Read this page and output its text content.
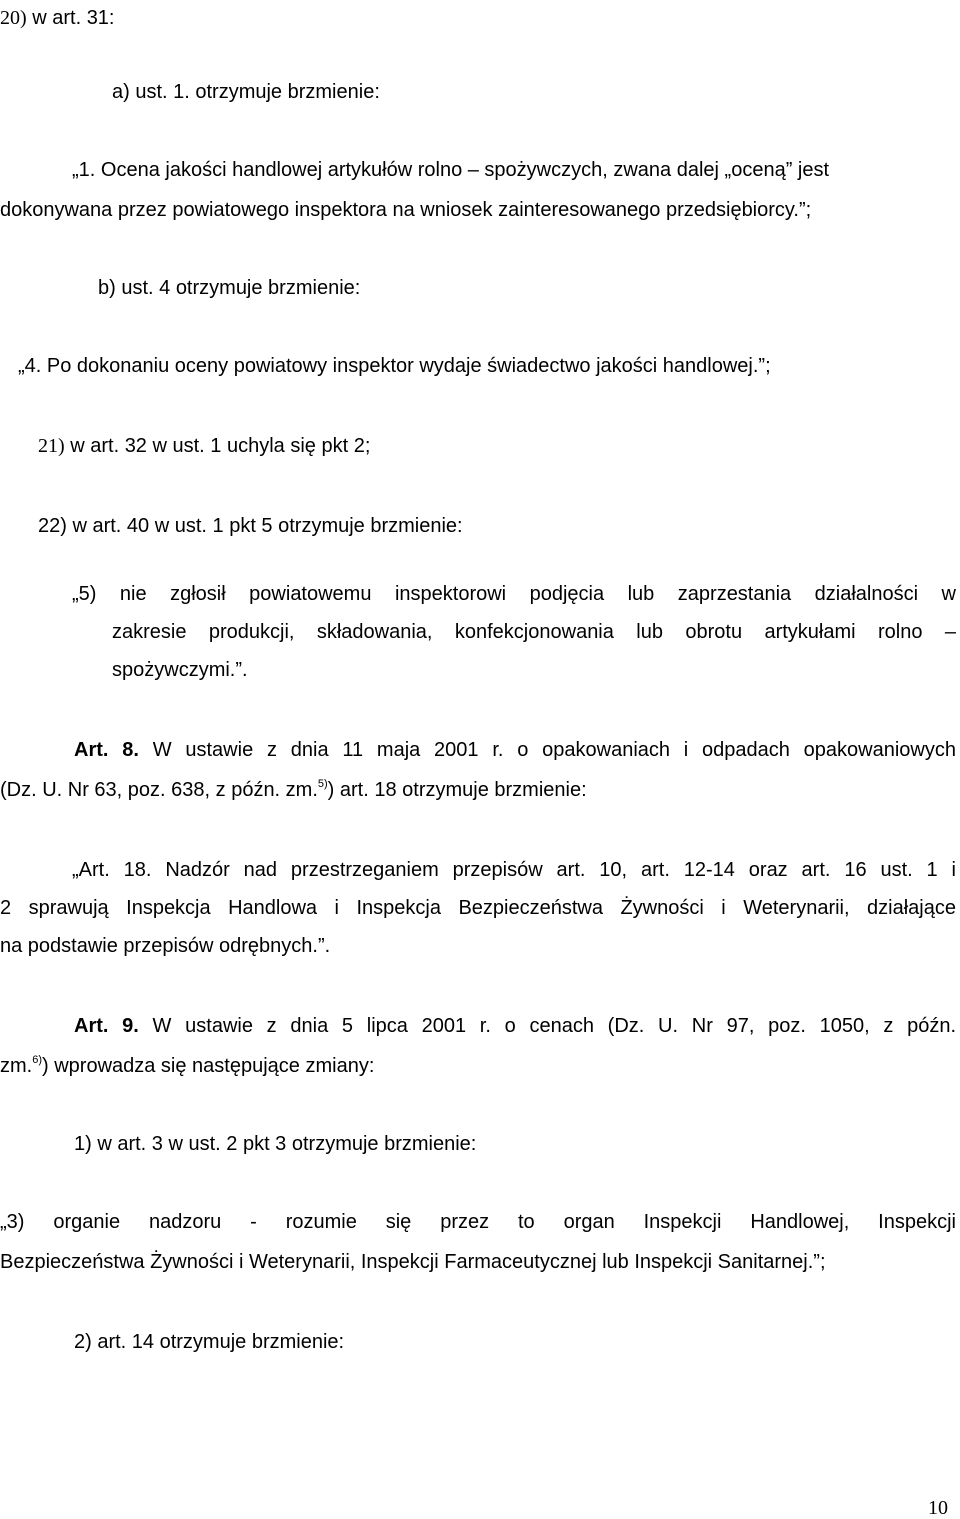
20) w art. 31:

a) ust. 1. otrzymuje brzmienie:

„1. Ocena jakości handlowej artykułów rolno – spożywczych, zwana dalej „oceną” jest

dokonywana przez powiatowego inspektora na wniosek zainteresowanego przedsiębiorcy.”;

b) ust. 4 otrzymuje brzmienie:

„4. Po dokonaniu oceny powiatowy inspektor wydaje świadectwo jakości handlowej.”;

21) w art. 32 w ust. 1 uchyla się pkt 2;

22) w art. 40 w ust. 1 pkt 5 otrzymuje brzmienie:

„5) nie zgłosił powiatowemu inspektorowi podjęcia lub zaprzestania działalności w

zakresie produkcji, składowania, konfekcjonowania lub obrotu artykułami rolno –

spożywczymi.”.

Art. 8. W ustawie z dnia 11 maja 2001 r. o opakowaniach i odpadach opakowaniowych

(Dz. U. Nr 63, poz. 638, z późn. zm.$^{5)}$) art. 18 otrzymuje brzmienie:

„Art. 18. Nadzór nad przestrzeganiem przepisów art. 10, art. 12-14 oraz art. 16 ust. 1 i

2 sprawują Inspekcja Handlowa i Inspekcja Bezpieczeństwa Żywności i Weterynarii, działające

na podstawie przepisów odrębnych.”.

Art. 9. W ustawie z dnia 5 lipca 2001 r. o cenach (Dz. U. Nr 97, poz. 1050, z późn.

zm.$^{6)}$) wprowadza się następujące zmiany:

1) w art. 3 w ust. 2 pkt 3 otrzymuje brzmienie:

„3) organie nadzoru - rozumie się przez to organ Inspekcji Handlowej, Inspekcji

Bezpieczeństwa Żywności i Weterynarii, Inspekcji Farmaceutycznej lub Inspekcji Sanitarnej.”;

2) art. 14 otrzymuje brzmienie:

10
